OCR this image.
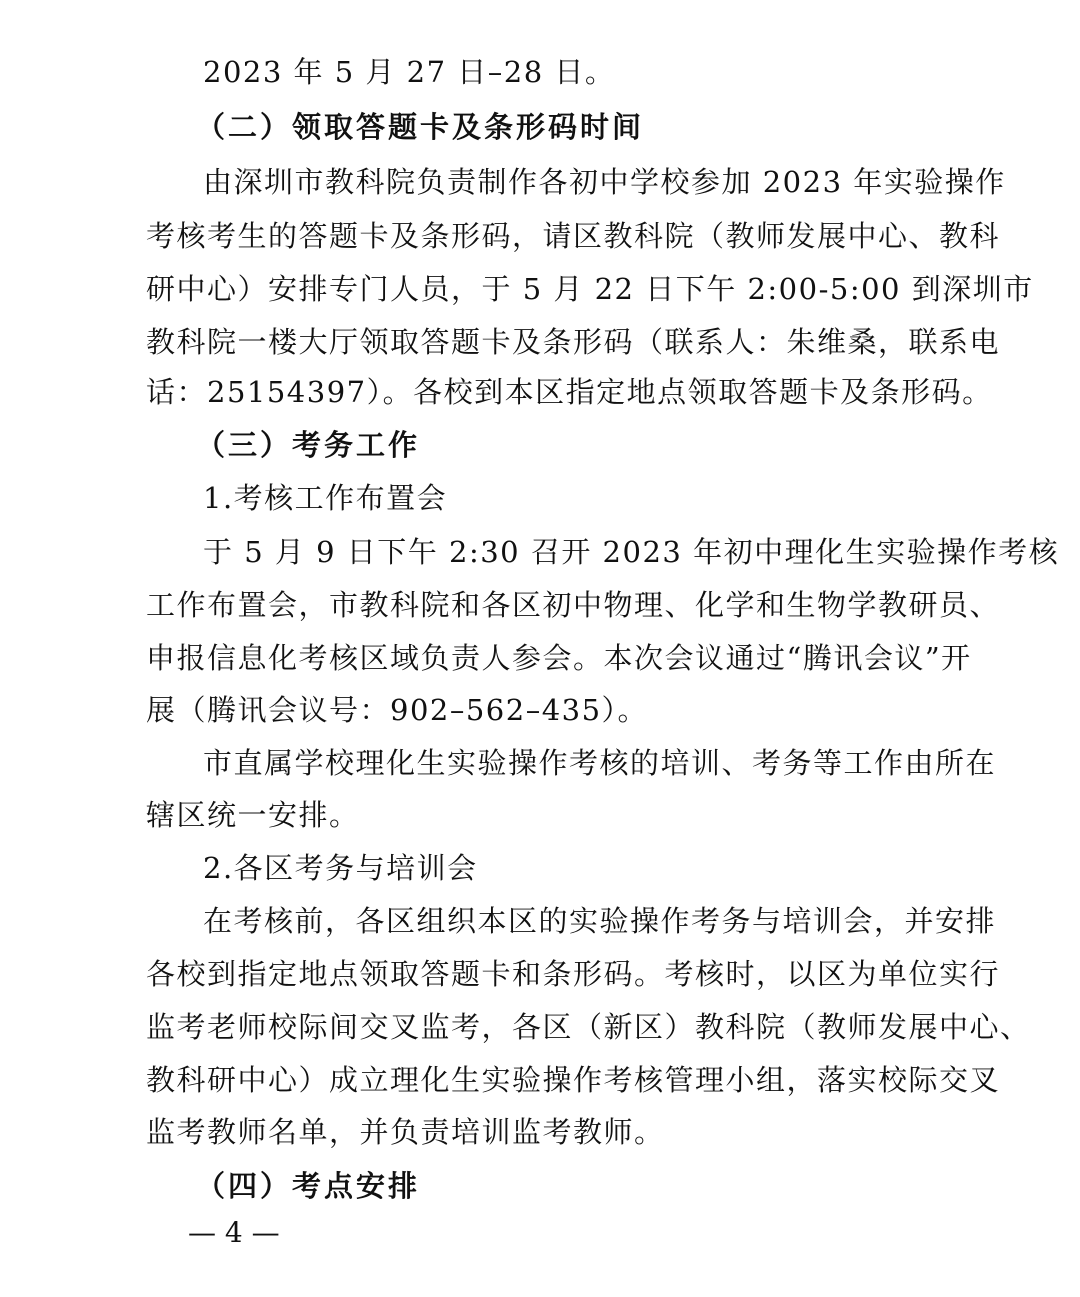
2023 年 5 月 27 日–28 日。
（二）领取答题卡及条形码时间
由深圳市教科院负责制作各初中学校参加 2023 年实验操作
考核考生的答题卡及条形码，请区教科院（教师发展中心、教科
研中心）安排专门人员，于 5 月 22 日下午 2:00-5:00 到深圳市
教科院一楼大厅领取答题卡及条形码（联系人：朱维桑，联系电
话：25154397）。各校到本区指定地点领取答题卡及条形码。
（三）考务工作
1.考核工作布置会
于 5 月 9 日下午 2:30 召开 2023 年初中理化生实验操作考核
工作布置会，市教科院和各区初中物理、化学和生物学教研员、
申报信息化考核区域负责人参会。本次会议通过“腾讯会议”开
展（腾讯会议号：902–562–435）。
市直属学校理化生实验操作考核的培训、考务等工作由所在
辖区统一安排。
2.各区考务与培训会
在考核前，各区组织本区的实验操作考务与培训会，并安排
各校到指定地点领取答题卡和条形码。考核时，以区为单位实行
监考老师校际间交叉监考，各区（新区）教科院（教师发展中心、
教科研中心）成立理化生实验操作考核管理小组，落实校际交叉
监考教师名单，并负责培训监考教师。
（四）考点安排
— 4 —
